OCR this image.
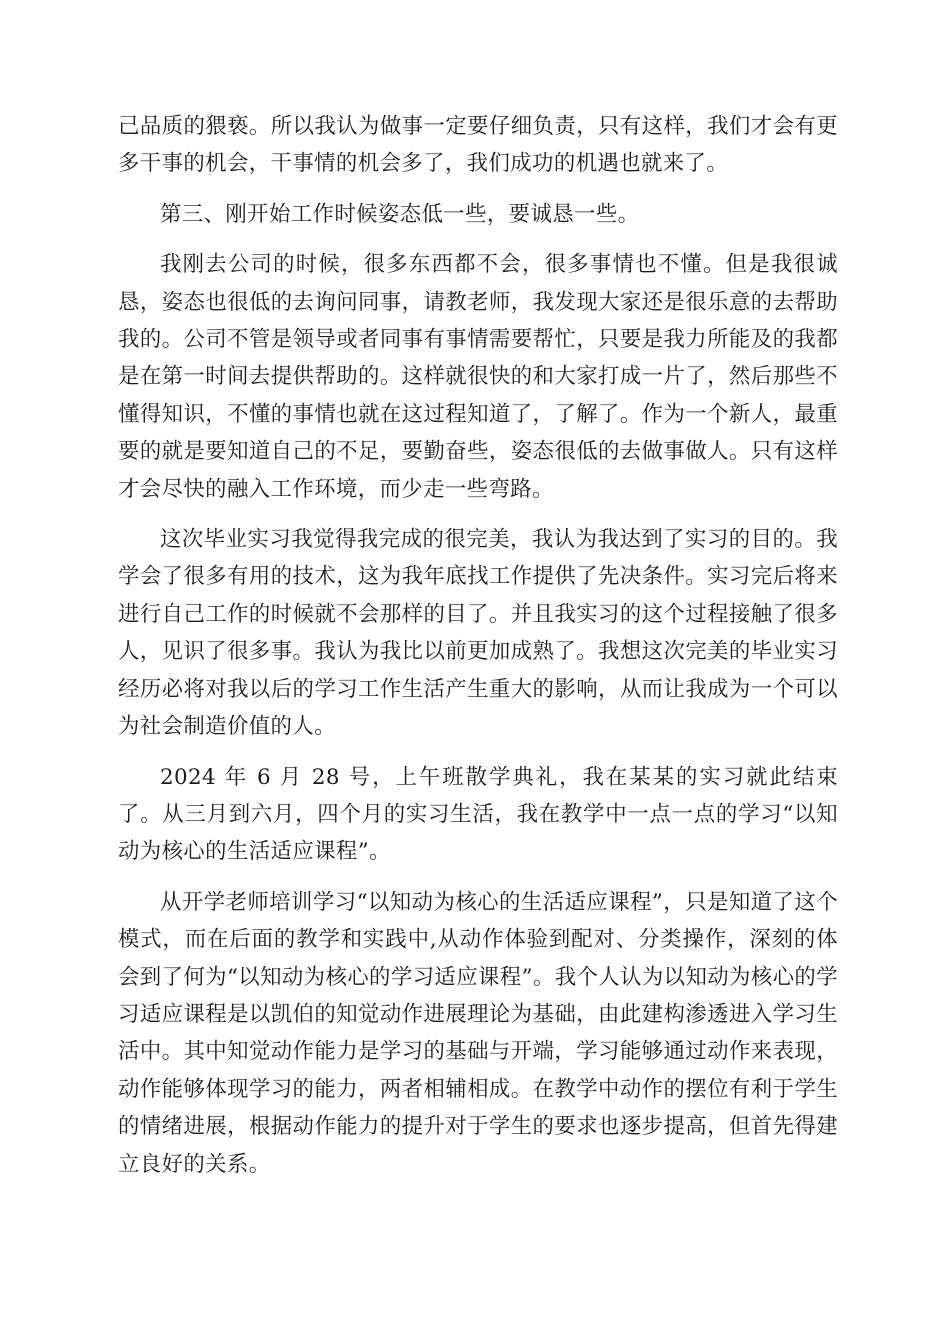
己品质的猥亵。所以我认为做事一定要仔细负责，只有这样，我们才会有更多干事的机会，干事情的机会多了，我们成功的机遇也就来了。

第三、刚开始工作时候姿态低一些，要诚恳一些。

我刚去公司的时候，很多东西都不会，很多事情也不懂。但是我很诚恳，姿态也很低的去询问同事，请教老师，我发现大家还是很乐意的去帮助我的。公司不管是领导或者同事有事情需要帮忙，只要是我力所能及的我都是在第一时间去提供帮助的。这样就很快的和大家打成一片了，然后那些不懂得知识，不懂的事情也就在这过程知道了，了解了。作为一个新人，最重要的就是要知道自己的不足，要勤奋些，姿态很低的去做事做人。只有这样才会尽快的融入工作环境，而少走一些弯路。

这次毕业实习我觉得我完成的很完美，我认为我达到了实习的目的。我学会了很多有用的技术，这为我年底找工作提供了先决条件。实习完后将来进行自己工作的时候就不会那样的目了。并且我实习的这个过程接触了很多人，见识了很多事。我认为我比以前更加成熟了。我想这次完美的毕业实习经历必将对我以后的学习工作生活产生重大的影响，从而让我成为一个可以为社会制造价值的人。

2024 年 6 月 28 号，上午班散学典礼，我在某某的实习就此结束了。从三月到六月，四个月的实习生活，我在教学中一点一点的学习“以知动为核心的生活适应课程”。

从开学老师培训学习“以知动为核心的生活适应课程”，只是知道了这个模式，而在后面的教学和实践中,从动作体验到配对、分类操作，深刻的体会到了何为“以知动为核心的学习适应课程”。我个人认为以知动为核心的学习适应课程是以凯伯的知觉动作进展理论为基础，由此建构渗透进入学习生活中。其中知觉动作能力是学习的基础与开端，学习能够通过动作来表现，动作能够体现学习的能力，两者相辅相成。在教学中动作的摆位有利于学生的情绪进展，根据动作能力的提升对于学生的要求也逐步提高，但首先得建立良好的关系。
